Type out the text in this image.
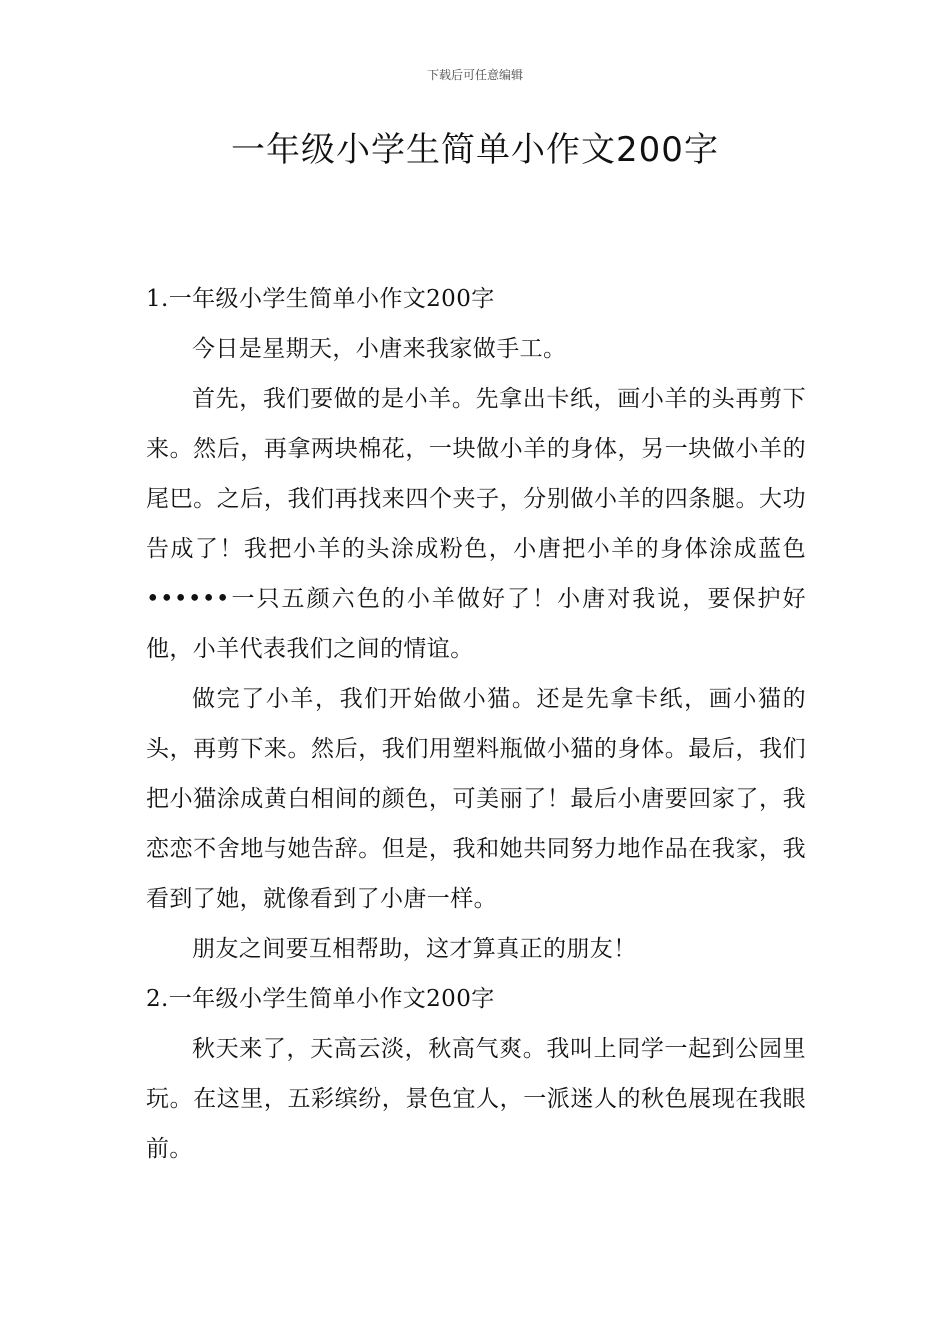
下载后可任意编辑
一年级小学生简单小作文200字
1.一年级小学生简单小作文200字

今日是星期天，小唐来我家做手工。

首先，我们要做的是小羊。先拿出卡纸，画小羊的头再剪下来。然后，再拿两块棉花，一块做小羊的身体，另一块做小羊的尾巴。之后，我们再找来四个夹子，分别做小羊的四条腿。大功告成了！我把小羊的头涂成粉色，小唐把小羊的身体涂成蓝色••••••一只五颜六色的小羊做好了！小唐对我说，要保护好他，小羊代表我们之间的情谊。

做完了小羊，我们开始做小猫。还是先拿卡纸，画小猫的头，再剪下来。然后，我们用塑料瓶做小猫的身体。最后，我们把小猫涂成黄白相间的颜色，可美丽了！最后小唐要回家了，我恋恋不舍地与她告辞。但是，我和她共同努力地作品在我家，我看到了她，就像看到了小唐一样。

朋友之间要互相帮助，这才算真正的朋友！

2.一年级小学生简单小作文200字

秋天来了，天高云淡，秋高气爽。我叫上同学一起到公园里玩。在这里，五彩缤纷，景色宜人，一派迷人的秋色展现在我眼前。
